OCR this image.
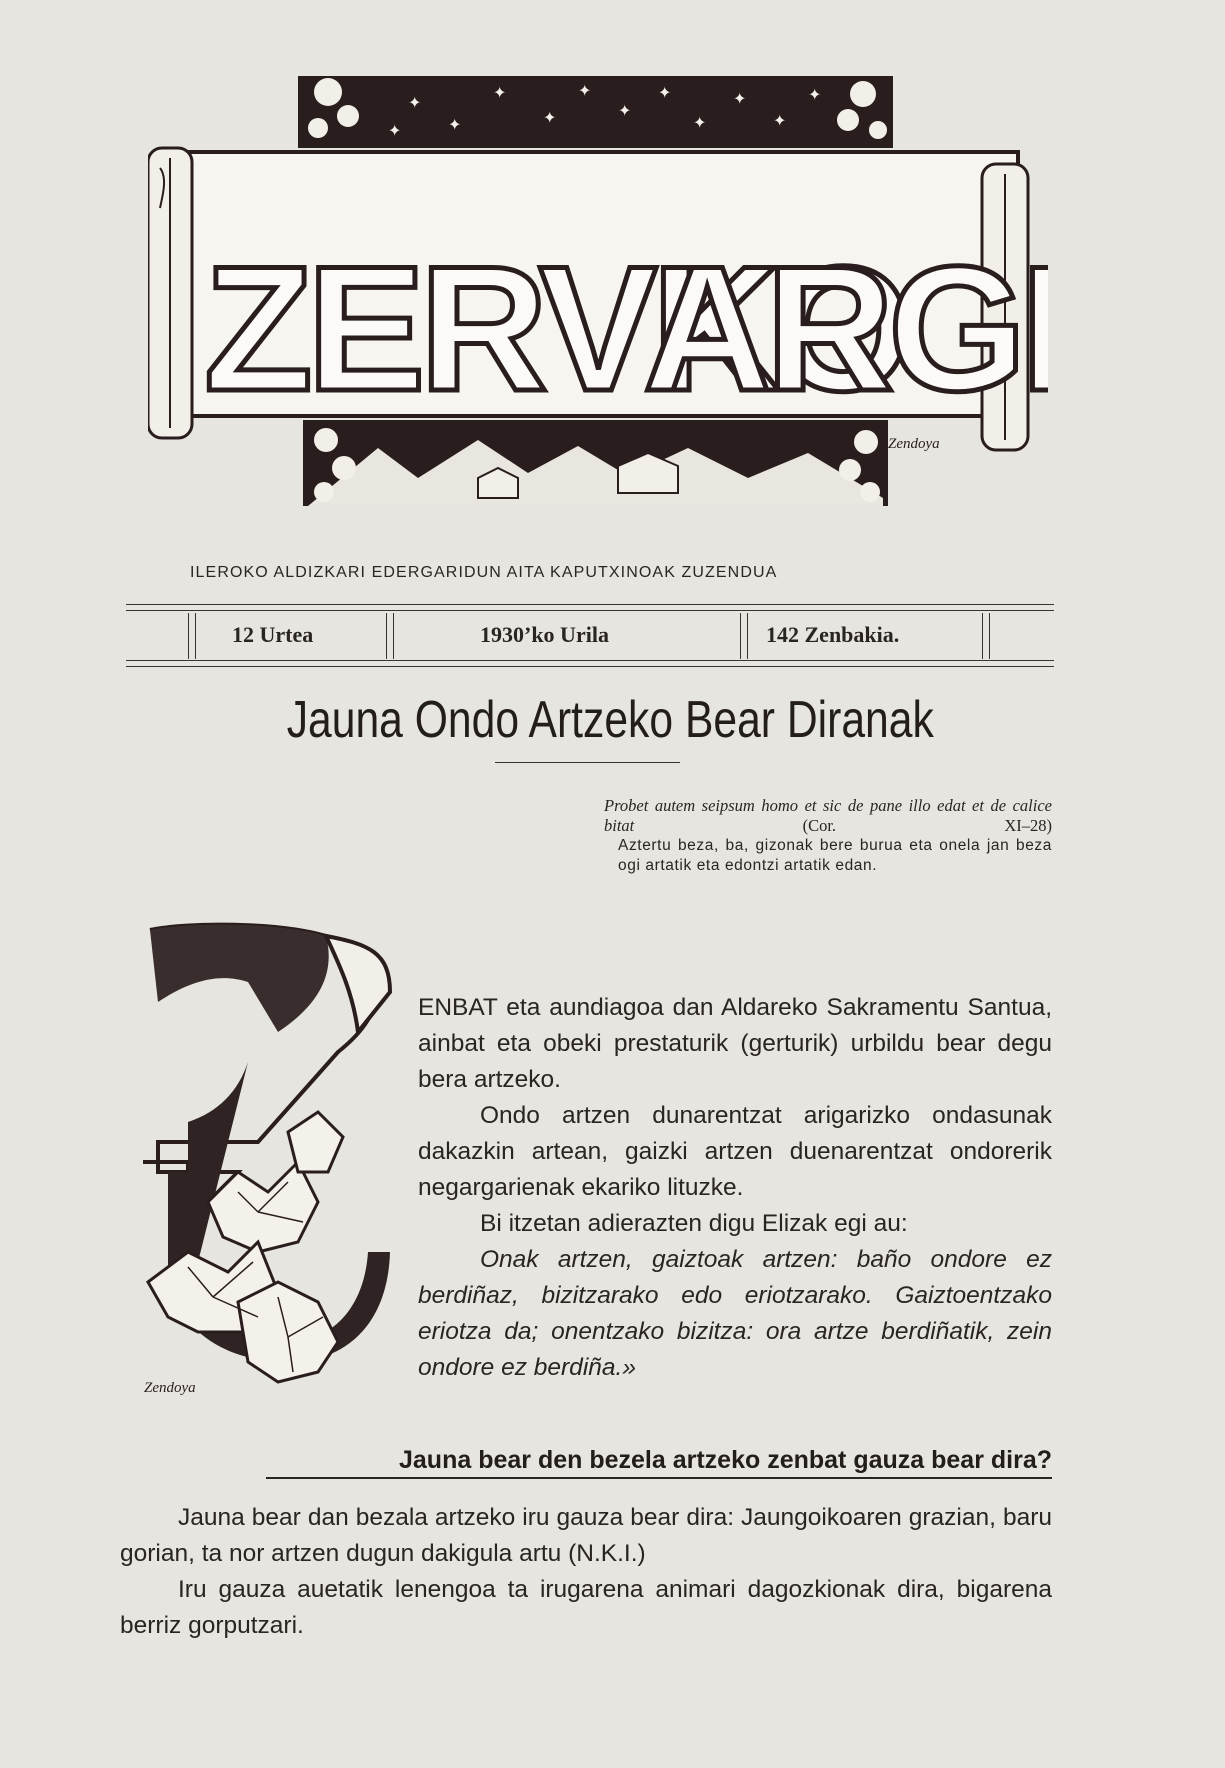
✦
✦
✦
✦
✦
✦
✦
✦
✦
✦
✦
✦
ZERVKO
ARGI
Zendoya
ILEROKO ALDIZKARI EDERGARIDUN AITA KAPUTXINOAK ZUZENDUA
12 Urtea	1930’ko Urila	142 Zenbakia.
Jauna Ondo Artzeko Bear Diranak
Probet autem seipsum homo et sic de pane illo edat et de calice bitat	(Cor. XI–28)
Aztertu beza, ba, gizonak bere burua eta onela jan beza ogi artatik eta edontzi artatik edan.
Zendoya
Z

ENBAT eta aundiagoa dan Aldareko Sakramentu Santua, ainbat eta obeki prestaturik (gerturik) urbildu bear degu bera artzeko.

Ondo artzen dunarentzat arigarizko ondasunak dakazkin artean, gaizki artzen duenarentzat ondorerik negargarienak ekariko lituzke.

Bi itzetan adierazten digu Elizak egi au:

Onak artzen, gaiztoak artzen: baño ondore ez berdiñaz, bizitzarako edo eriotzarako. Gaiztoentzako eriotza da; onentzako bizitza: ora artze berdiñatik, zein ondore ez berdiña.»

Jauna bear den bezela artzeko zenbat gauza bear dira?

Jauna bear dan bezala artzeko iru gauza bear dira: Jaungoikoaren grazian, baru gorian, ta nor artzen dugun dakigula artu (N.K.I.)

Iru gauza auetatik lenengoa ta irugarena animari dagozkionak dira, bigarena berriz gorputzari.
